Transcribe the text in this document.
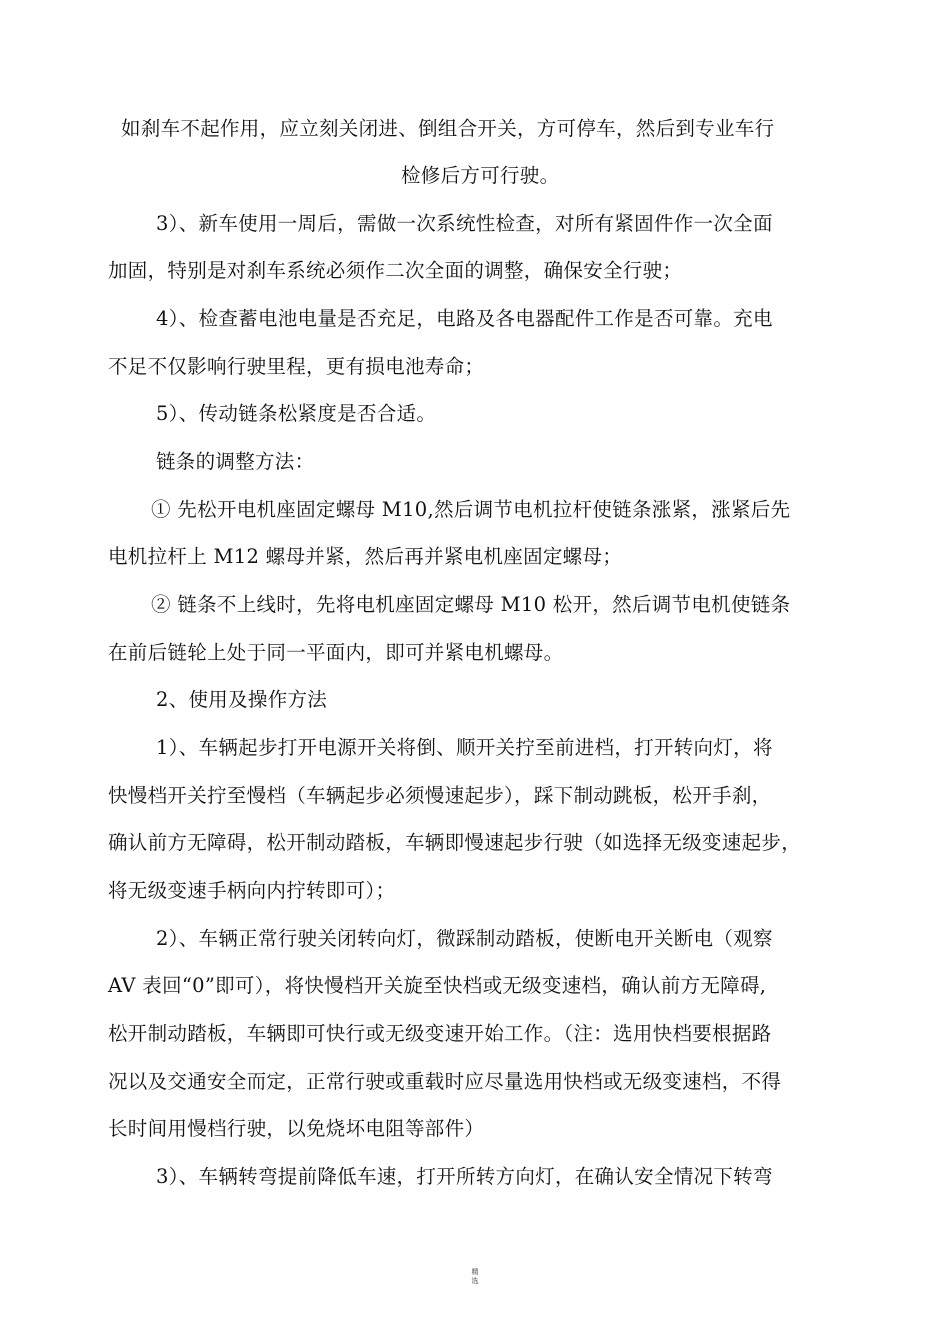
如刹车不起作用，应立刻关闭进、倒组合开关，方可停车，然后到专业车行
检修后方可行驶。
3）、新车使用一周后，需做一次系统性检查，对所有紧固件作一次全面
加固，特别是对刹车系统必须作二次全面的调整，确保安全行驶；
4）、检查蓄电池电量是否充足，电路及各电器配件工作是否可靠。充电
不足不仅影响行驶里程，更有损电池寿命；
5）、传动链条松紧度是否合适。
链条的调整方法：
① 先松开电机座固定螺母 M10,然后调节电机拉杆使链条涨紧，涨紧后先
电机拉杆上 M12 螺母并紧，然后再并紧电机座固定螺母；
② 链条不上线时，先将电机座固定螺母 M10 松开，然后调节电机使链条
在前后链轮上处于同一平面内，即可并紧电机螺母。
2、使用及操作方法
1）、车辆起步打开电源开关将倒、顺开关拧至前进档，打开转向灯，将
快慢档开关拧至慢档（车辆起步必须慢速起步），踩下制动跳板，松开手刹，
确认前方无障碍，松开制动踏板，车辆即慢速起步行驶（如选择无级变速起步，
将无级变速手柄向内拧转即可）；
2）、车辆正常行驶关闭转向灯，微踩制动踏板，使断电开关断电（观察
AV 表回“0”即可），将快慢档开关旋至快档或无级变速档，确认前方无障碍,
松开制动踏板，车辆即可快行或无级变速开始工作。（注：选用快档要根据路
况以及交通安全而定，正常行驶或重载时应尽量选用快档或无级变速档，不得
长时间用慢档行驶，以免烧坏电阻等部件）
3）、车辆转弯提前降低车速，打开所转方向灯，在确认安全情况下转弯
精
选
